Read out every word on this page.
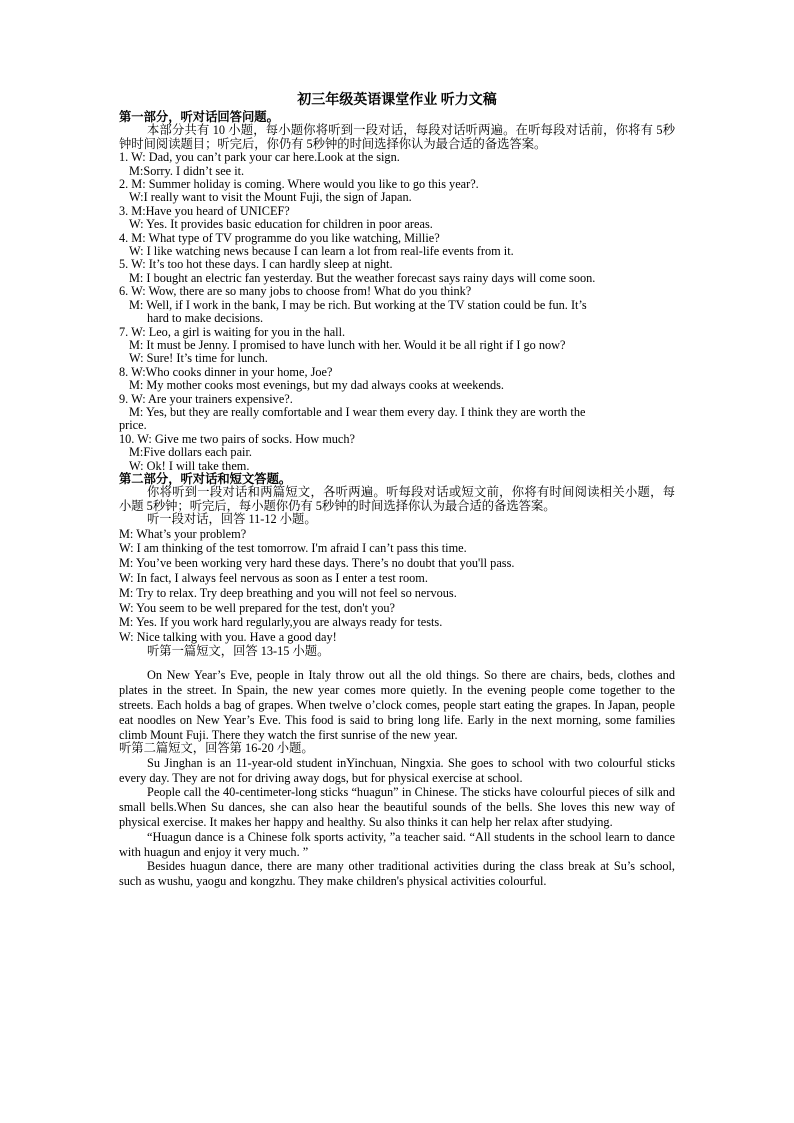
初三年级英语课堂作业 听力文稿
第一部分，听对话回答问题。
本部分共有 10 小题，每小题你将听到一段对话，每段对话听两遍。在听每段对话前，你将有 5秒钟时间阅读题目；听完后，你仍有 5秒钟的时间选择你认为最合适的备选答案。
1. W: Dad, you can’t park your car here.Look at the sign.
M:Sorry. I didn’t see it.
2. M: Summer holiday is coming. Where would you like to go this year?.
W:I really want to visit the Mount Fuji, the sign of Japan.
3. M:Have you heard of UNICEF?
W: Yes. It provides basic education for children in poor areas.
4. M: What type of TV programme do you like watching, Millie?
W: I like watching news because I can learn a lot from real-life events from it.
5. W: It’s too hot these days. I can hardly sleep at night.
M: I bought an electric fan yesterday. But the weather forecast says rainy days will come soon.
6. W: Wow, there are so many jobs to choose from! What do you think?
M: Well, if I work in the bank, I may be rich. But working at the TV station could be fun. It’s
hard to make decisions.
7. W: Leo, a girl is waiting for you in the hall.
M: It must be Jenny. I promised to have lunch with her. Would it be all right if I go now?
W: Sure! It’s time for lunch.
8. W:Who cooks dinner in your home, Joe?
M: My mother cooks most evenings, but my dad always cooks at weekends.
9. W: Are your trainers expensive?.
M: Yes, but they are really comfortable and I wear them every day. I think they are worth the
price.
10. W: Give me two pairs of socks. How much?
M:Five dollars each pair.
W: Ok! I will take them.
第二部分，听对话和短文答题。
你将听到一段对话和两篇短文，各听两遍。听每段对话或短文前，你将有时间阅读相关小题，每小题 5秒钟；听完后，每小题你仍有 5秒钟的时间选择你认为最合适的备选答案。
听一段对话，回答 11-12 小题。
M: What’s your problem?
W: I am thinking of the test tomorrow. I'm afraid I can’t pass this time.
M: You’ve been working very hard these days. There’s no doubt that you'll pass.
W: In fact, I always feel nervous as soon as I enter a test room.
M: Try to relax. Try deep breathing and you will not feel so nervous.
W: You seem to be well prepared for the test, don't you?
M: Yes. If you work hard regularly,you are always ready for tests.
W: Nice talking with you. Have a good day!
听第一篇短文，回答 13-15 小题。
On New Year’s Eve, people in Italy throw out all the old things. So there are chairs, beds, clothes and plates in the street. In Spain, the new year comes more quietly. In the evening people come together to the streets. Each holds a bag of grapes. When twelve o’clock comes, people start eating the grapes. In Japan, people eat noodles on New Year’s Eve. This food is said to bring long life. Early in the next morning, some families climb Mount Fuji. There they watch the first sunrise of the new year.
听第二篇短文，回答第 16-20 小题。
Su Jinghan is an 11-year-old student inYinchuan, Ningxia. She goes to school with two colourful sticks every day. They are not for driving away dogs, but for physical exercise at school.
People call the 40-centimeter-long sticks “huagun” in Chinese. The sticks have colourful pieces of silk and small bells.When Su dances, she can also hear the beautiful sounds of the bells. She loves this new way of physical exercise. It makes her happy and healthy. Su also thinks it can help her relax after studying.
“Huagun dance is a Chinese folk sports activity, ”a teacher said. “All students in the school learn to dance with huagun and enjoy it very much. ”
Besides huagun dance, there are many other traditional activities during the class break at Su’s school, such as wushu, yaogu and kongzhu. They make children's physical activities colourful.
